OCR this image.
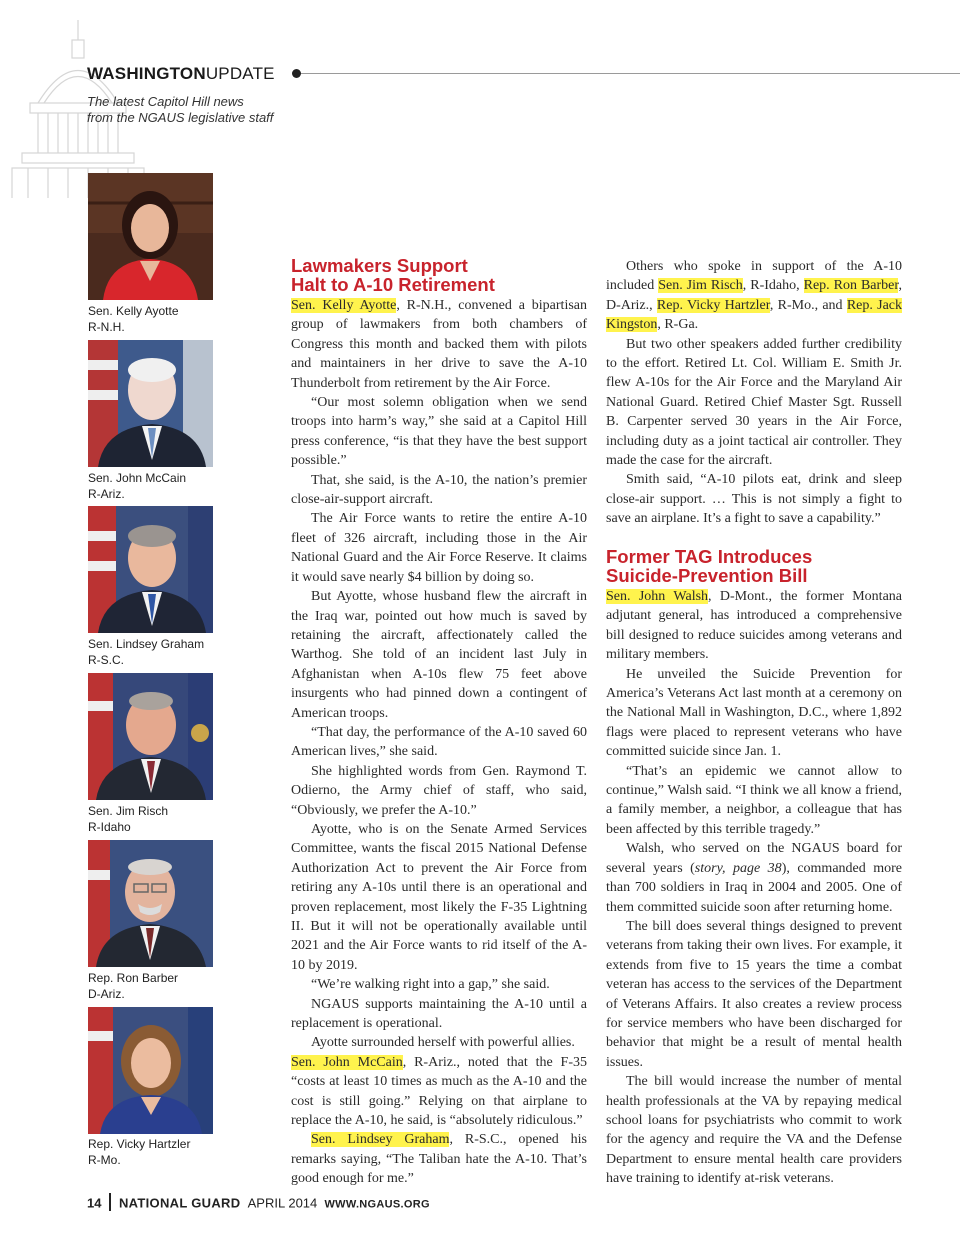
WASHINGTONUPDATE
The latest Capitol Hill news
from the NGAUS legislative staff
Sen. Kelly Ayotte
R-N.H.
Sen. John McCain
R-Ariz.
Sen. Lindsey Graham
R-S.C.
Sen. Jim Risch
R-Idaho
Rep. Ron Barber
D-Ariz.
Rep. Vicky Hartzler
R-Mo.
Lawmakers Support
Halt to A-10 Retirement

Sen. Kelly Ayotte, R-N.H., convened a bipartisan group of lawmakers from both chambers of Congress this month and backed them with pilots and maintainers in her drive to save the A-10 Thunderbolt from retirement by the Air Force.

“Our most solemn obligation when we send troops into harm’s way,” she said at a Capitol Hill press conference, “is that they have the best support possible.”

That, she said, is the A-10, the nation’s premier close-air-support aircraft.

The Air Force wants to retire the entire A-10 fleet of 326 aircraft, including those in the Air National Guard and the Air Force Reserve. It claims it would save nearly $4 billion by doing so.

But Ayotte, whose husband flew the aircraft in the Iraq war, pointed out how much is saved by retaining the aircraft, affectionately called the Warthog. She told of an incident last July in Afghanistan when A-10s flew 75 feet above insurgents who had pinned down a contingent of American troops.

“That day, the performance of the A-10 saved 60 American lives,” she said.

She highlighted words from Gen. Raymond T. Odierno, the Army chief of staff, who said, “Obviously, we prefer the A-10.”

Ayotte, who is on the Senate Armed Services Committee, wants the fiscal 2015 National Defense Authorization Act to prevent the Air Force from retiring any A-10s until there is an operational and proven replacement, most likely the F-35 Lightning II. But it will not be operationally available until 2021 and the Air Force wants to rid itself of the A-10 by 2019.

“We’re walking right into a gap,” she said.

NGAUS supports maintaining the A-10 until a replacement is operational.

Ayotte surrounded herself with powerful allies.

Sen. John McCain, R-Ariz., noted that the F-35 “costs at least 10 times as much as the A-10 and the cost is still going.” Relying on that airplane to replace the A-10, he said, is “absolutely ridiculous.”

Sen. Lindsey Graham, R-S.C., opened his remarks saying, “The Taliban hate the A-10. That’s good enough for me.”

Others who spoke in support of the A-10 included Sen. Jim Risch, R-Idaho, Rep. Ron Barber, D-Ariz., Rep. Vicky Hartzler, R-Mo., and Rep. Jack Kingston, R-Ga.

But two other speakers added further credibility to the effort. Retired Lt. Col. William E. Smith Jr. flew A-10s for the Air Force and the Maryland Air National Guard. Retired Chief Master Sgt. Russell B. Carpenter served 30 years in the Air Force, including duty as a joint tactical air controller. They made the case for the aircraft.

Smith said, “A-10 pilots eat, drink and sleep close-air support. … This is not simply a fight to save an airplane. It’s a fight to save a capability.”

Former TAG Introduces
Suicide-Prevention Bill

Sen. John Walsh, D-Mont., the former Montana adjutant general, has introduced a comprehensive bill designed to reduce suicides among veterans and military members.

He unveiled the Suicide Prevention for America’s Veterans Act last month at a ceremony on the National Mall in Washington, D.C., where 1,892 flags were placed to represent veterans who have committed suicide since Jan. 1.

“That’s an epidemic we cannot allow to continue,” Walsh said. “I think we all know a friend, a family member, a neighbor, a colleague that has been affected by this terrible tragedy.”

Walsh, who served on the NGAUS board for several years (story, page 38), commanded more than 700 soldiers in Iraq in 2004 and 2005. One of them committed suicide soon after returning home.

The bill does several things designed to prevent veterans from taking their own lives. For example, it extends from five to 15 years the time a combat veteran has access to the services of the Department of Veterans Affairs. It also creates a review process for service members who have been discharged for behavior that might be a result of mental health issues.

The bill would increase the number of mental health professionals at the VA by repaying medical school loans for psychiatrists who commit to work for the agency and require the VA and the Defense Department to ensure mental health care providers have training to identify at-risk veterans.

14 NATIONAL GUARD APRIL 2014 WWW.NGAUS.ORG
